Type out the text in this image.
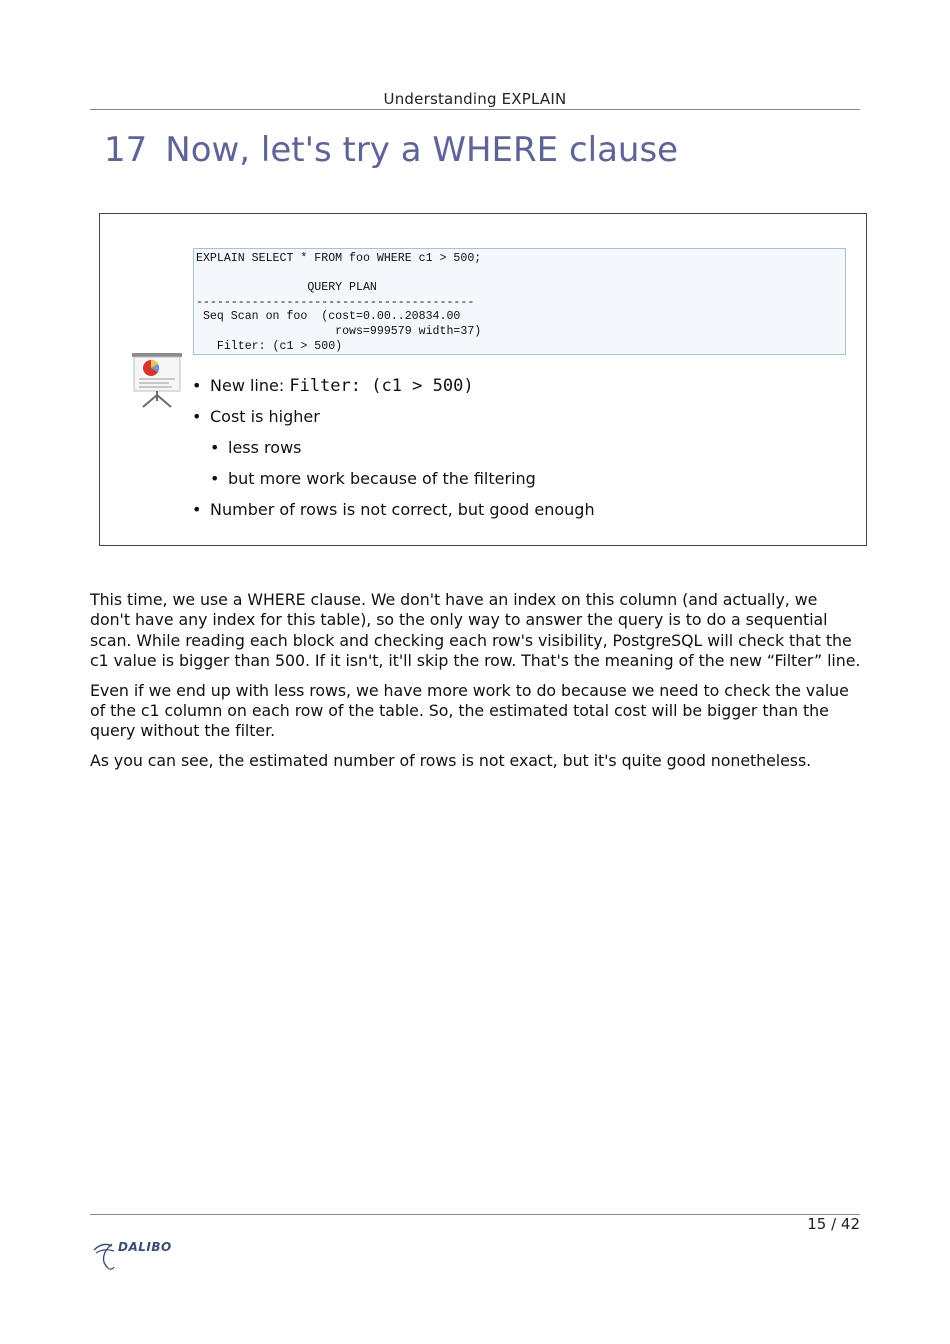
Understanding EXPLAIN
17 Now, let's try a WHERE clause
EXPLAIN SELECT * FROM foo WHERE c1 > 500;

QUERY PLAN
----------------------------------------
Seq Scan on foo  (cost=0.00..20834.00
rows=999579 width=37)
Filter: (c1 > 500)
• New line: Filter: (c1 > 500)
• Cost is higher
• less rows
• but more work because of the filtering
• Number of rows is not correct, but good enough

This time, we use a WHERE clause. We don't have an index on this column (and actually, we don't have any index for this table), so the only way to answer the query is to do a sequential scan. While reading each block and checking each row's visibility, PostgreSQL will check that the c1 value is bigger than 500. If it isn't, it'll skip the row. That's the meaning of the new “Filter” line.

Even if we end up with less rows, we have more work to do because we need to check the value of the c1 column on each row of the table. So, the estimated total cost will be bigger than the query without the filter.

As you can see, the estimated number of rows is not exact, but it's quite good nonetheless.

15 / 42
DALIBO
